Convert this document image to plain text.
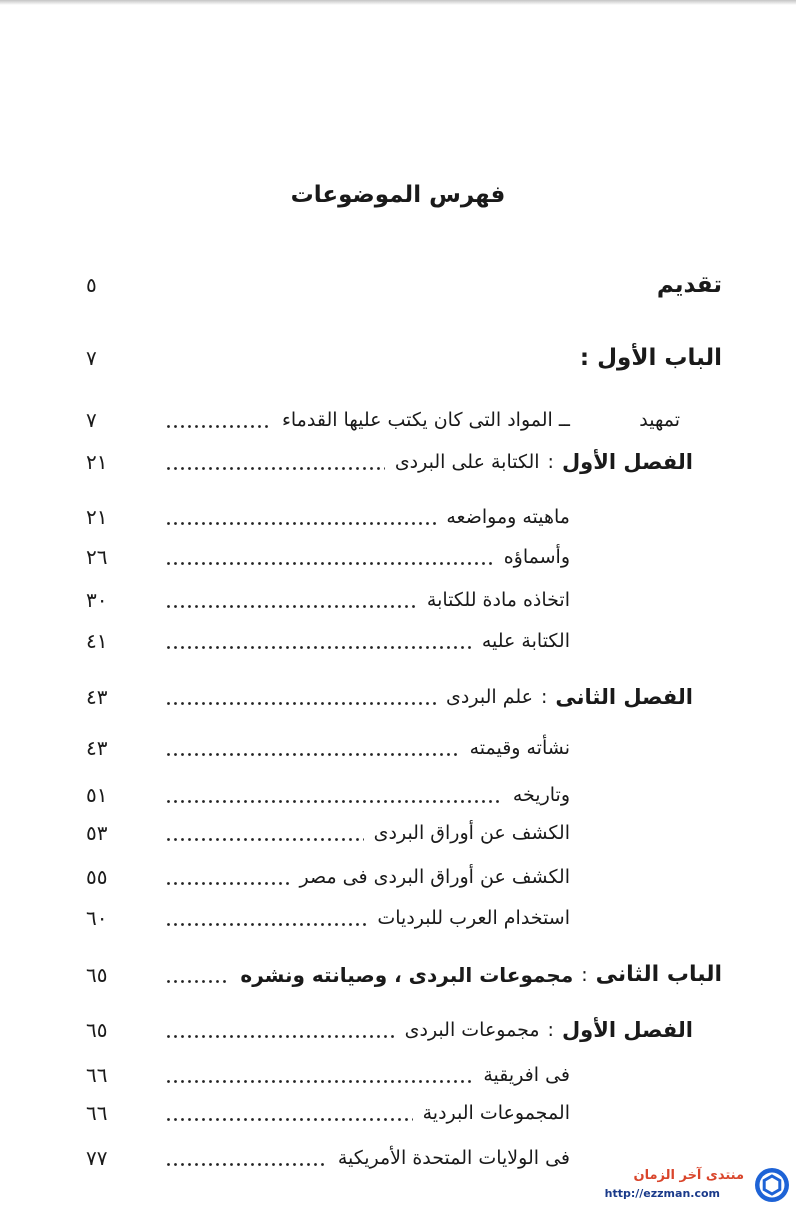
فهرس الموضوعات
تقديم
٥
الباب الأول :
٧
تمهيد
ــ المواد التى كان يكتب عليها القدماء
٧
الفصل الأول
:
الكتابة على البردى
٢١
ماهيته ومواضعه
٢١
وأسماؤه
٢٦
اتخاذه مادة للكتابة
٣٠
الكتابة عليه
٤١
الفصل الثانى
:
علم البردى
٤٣
نشأته وقيمته
٤٣
وتاريخه
٥١
الكشف عن أوراق البردى
٥٣
الكشف عن أوراق البردى فى مصر
٥٥
استخدام العرب للبرديات
٦٠
الباب الثانى
:
مجموعات البردى ، وصيانته ونشره
٦٥
الفصل الأول
:
مجموعات البردى
٦٥
فى افريقية
٦٦
المجموعات البردية
٦٦
فى الولايات المتحدة الأمريكية
٧٧
منتدى آخر الزمان
http://ezzman.com
